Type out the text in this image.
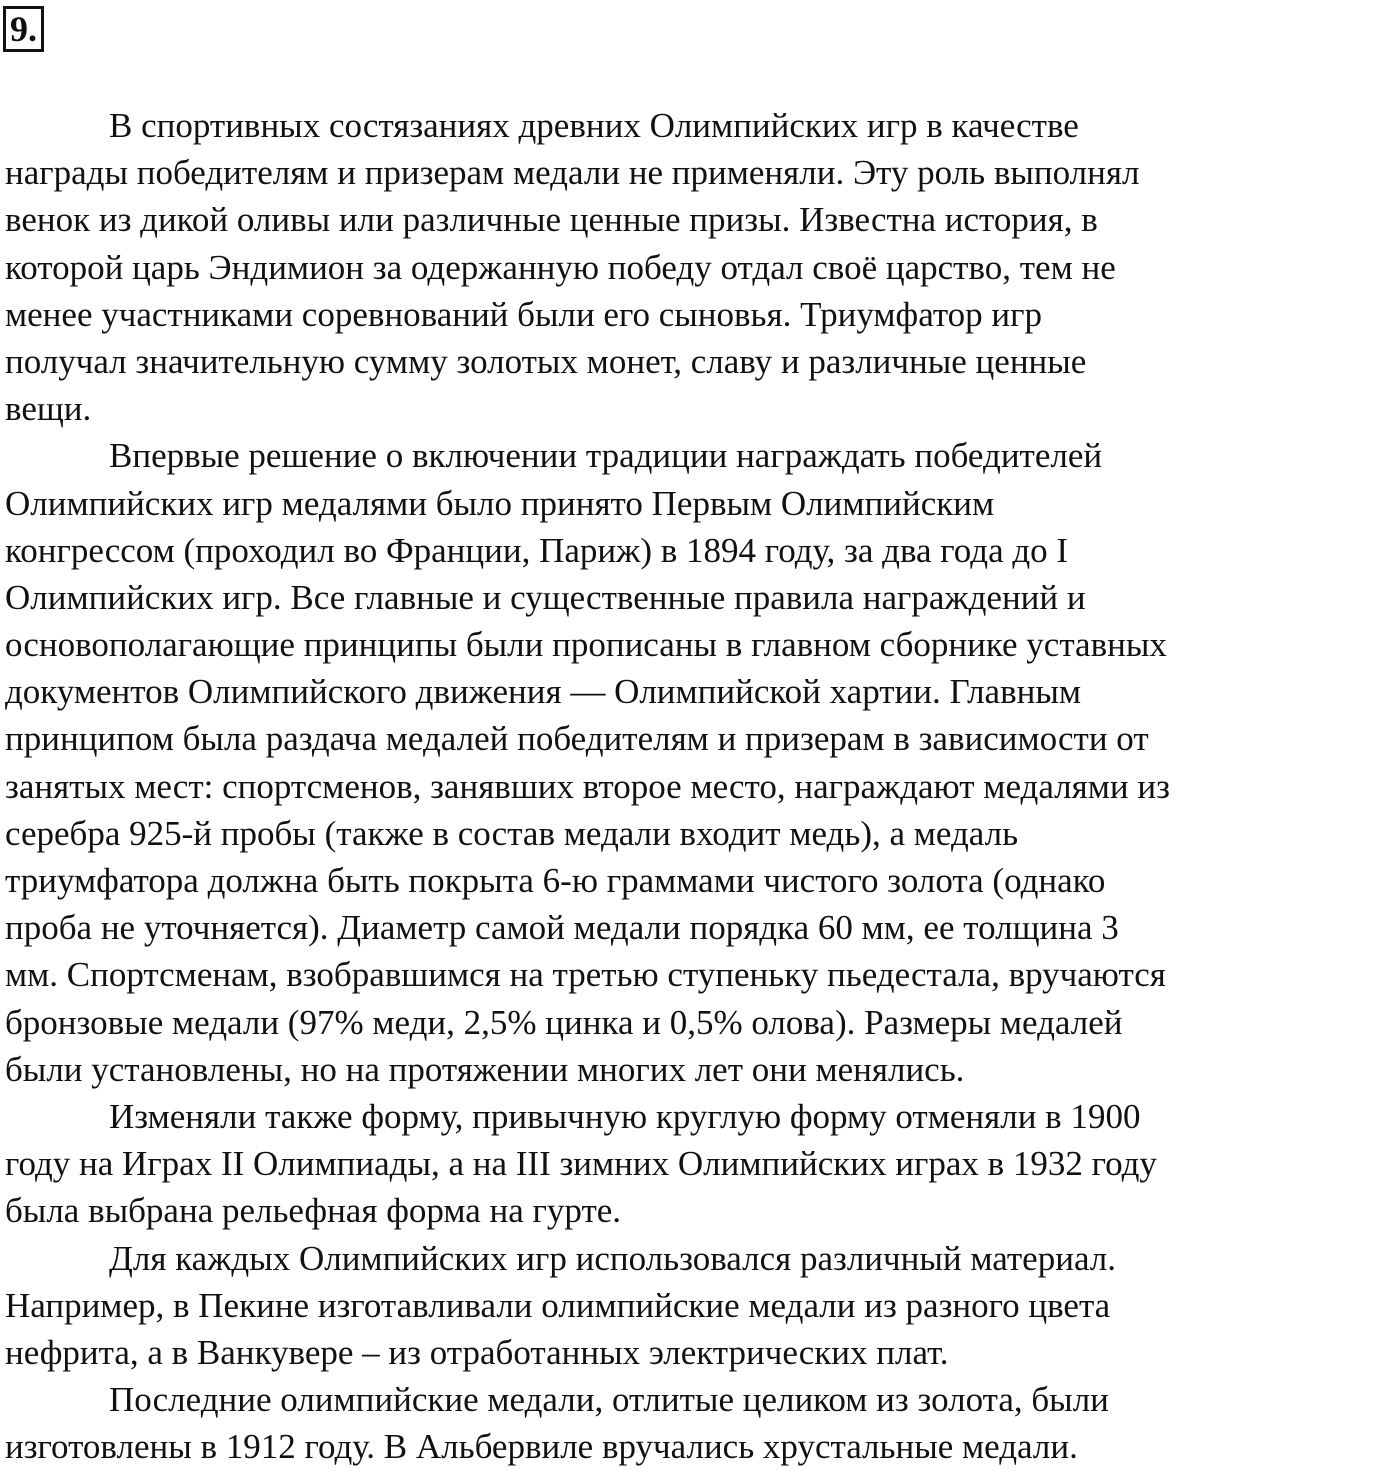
9.
В спортивных состязаниях древних Олимпийских игр в качестве
награды победителям и призерам медали не применяли. Эту роль выполнял
венок из дикой оливы или различные ценные призы. Известна история, в
которой царь Эндимион за одержанную победу отдал своё царство, тем не
менее участниками соревнований были его сыновья. Триумфатор игр
получал значительную сумму золотых монет, славу и различные ценные
вещи.
Впервые решение о включении традиции награждать победителей
Олимпийских игр медалями было принято Первым Олимпийским
конгрессом (проходил во Франции, Париж) в 1894 году, за два года до I
Олимпийских игр. Все главные и существенные правила награждений и
основополагающие принципы были прописаны в главном сборнике уставных
документов Олимпийского движения — Олимпийской хартии. Главным
принципом была раздача медалей победителям и призерам в зависимости от
занятых мест: спортсменов, занявших второе место, награждают медалями из
серебра 925-й пробы (также в состав медали входит медь), а медаль
триумфатора должна быть покрыта 6-ю граммами чистого золота (однако
проба не уточняется). Диаметр самой медали порядка 60 мм, ее толщина 3
мм. Спортсменам, взобравшимся на третью ступеньку пьедестала, вручаются
бронзовые медали (97% меди, 2,5% цинка и 0,5% олова). Размеры медалей
были установлены, но на протяжении многих лет они менялись.
Изменяли также форму, привычную круглую форму отменяли в 1900
году на Играх II Олимпиады, а на III зимних Олимпийских играх в 1932 году
была выбрана рельефная форма на гурте.
Для каждых Олимпийских игр использовался различный материал.
Например, в Пекине изготавливали олимпийские медали из разного цвета
нефрита, а в Ванкувере – из отработанных электрических плат.
Последние олимпийские медали, отлитые целиком из золота, были
изготовлены в 1912 году. В Альбервиле вручались хрустальные медали.
